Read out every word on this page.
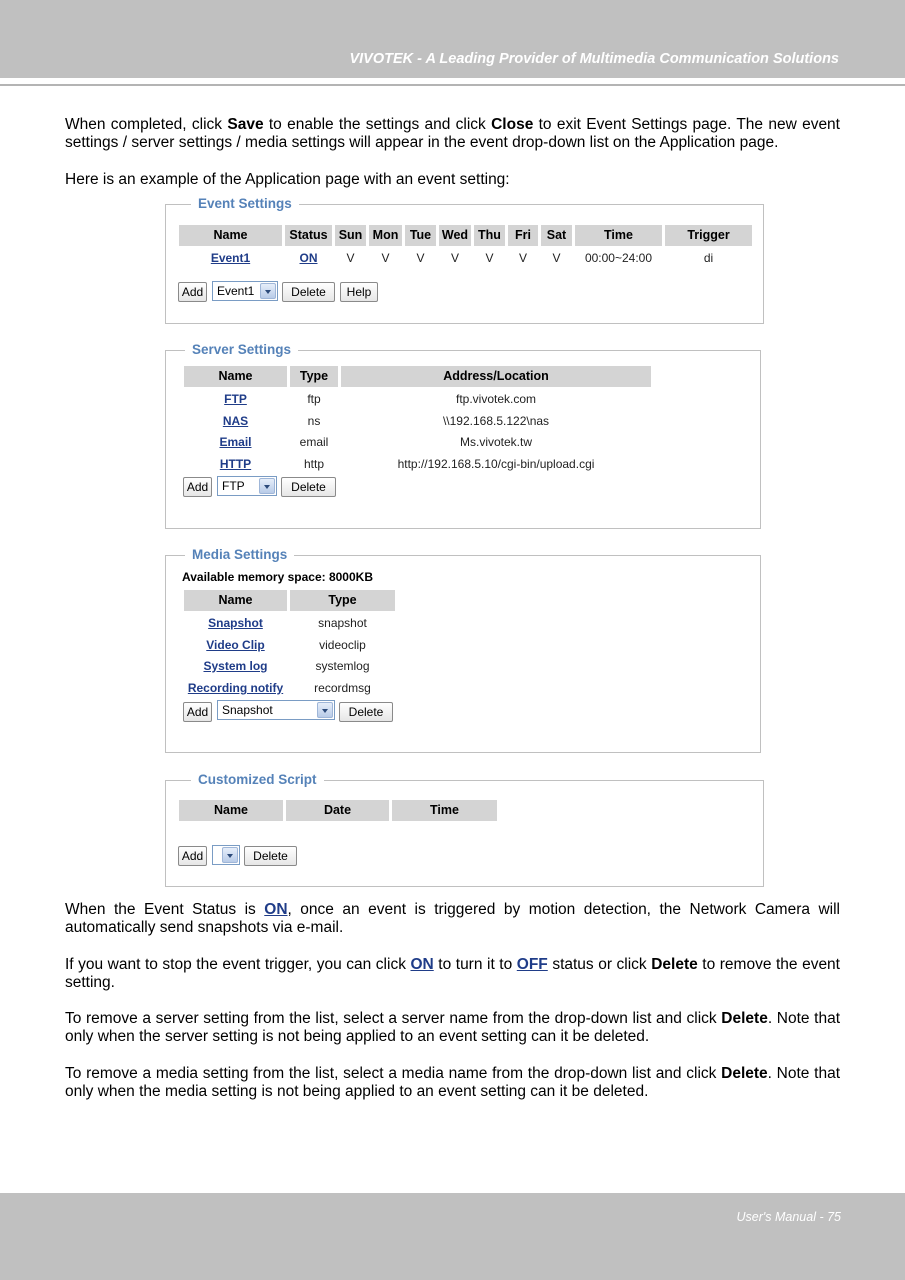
VIVOTEK - A Leading Provider of Multimedia Communication Solutions
When completed, click Save to enable the settings and click Close to exit Event Settings page. The new event settings / server settings / media settings will appear in the event drop-down list on the Application page.
Here is an example of the Application page with an event setting:
Event Settings
Name	Status Sun Mon Tue Wed Thu	Fri	Sat	Time	Trigger
Event1	ON	V	V	V	V	V	V	V	00:00~24:00	di
Add	Event1	Delete	Help
Server Settings
Name	Type	Address/Location
FTP	ftp	ftp.vivotek.com
NAS	ns	\\192.168.5.122\nas
Email	email	Ms.vivotek.tw
HTTP	http	http://192.168.5.10/cgi-bin/upload.cgi
Add	FTP	Delete
Media Settings
Available memory space: 8000KB
Name	Type
Snapshot	snapshot
Video Clip	videoclip
System log	systemlog
Recording notify	recordmsg
Add	Snapshot	Delete
Customized Script
Name	Date	Time
Add	Delete
When the Event Status is ON, once an event is triggered by motion detection, the Network Camera will automatically send snapshots via e-mail.
If you want to stop the event trigger, you can click ON to turn it to OFF status or click Delete to remove the event setting.
To remove a server setting from the list, select a server name from the drop-down list and click Delete. Note that only when the server setting is not being applied to an event setting can it be deleted.
To remove a media setting from the list, select a media name from the drop-down list and click Delete. Note that only when the media setting is not being applied to an event setting can it be deleted.
User's Manual - 75
